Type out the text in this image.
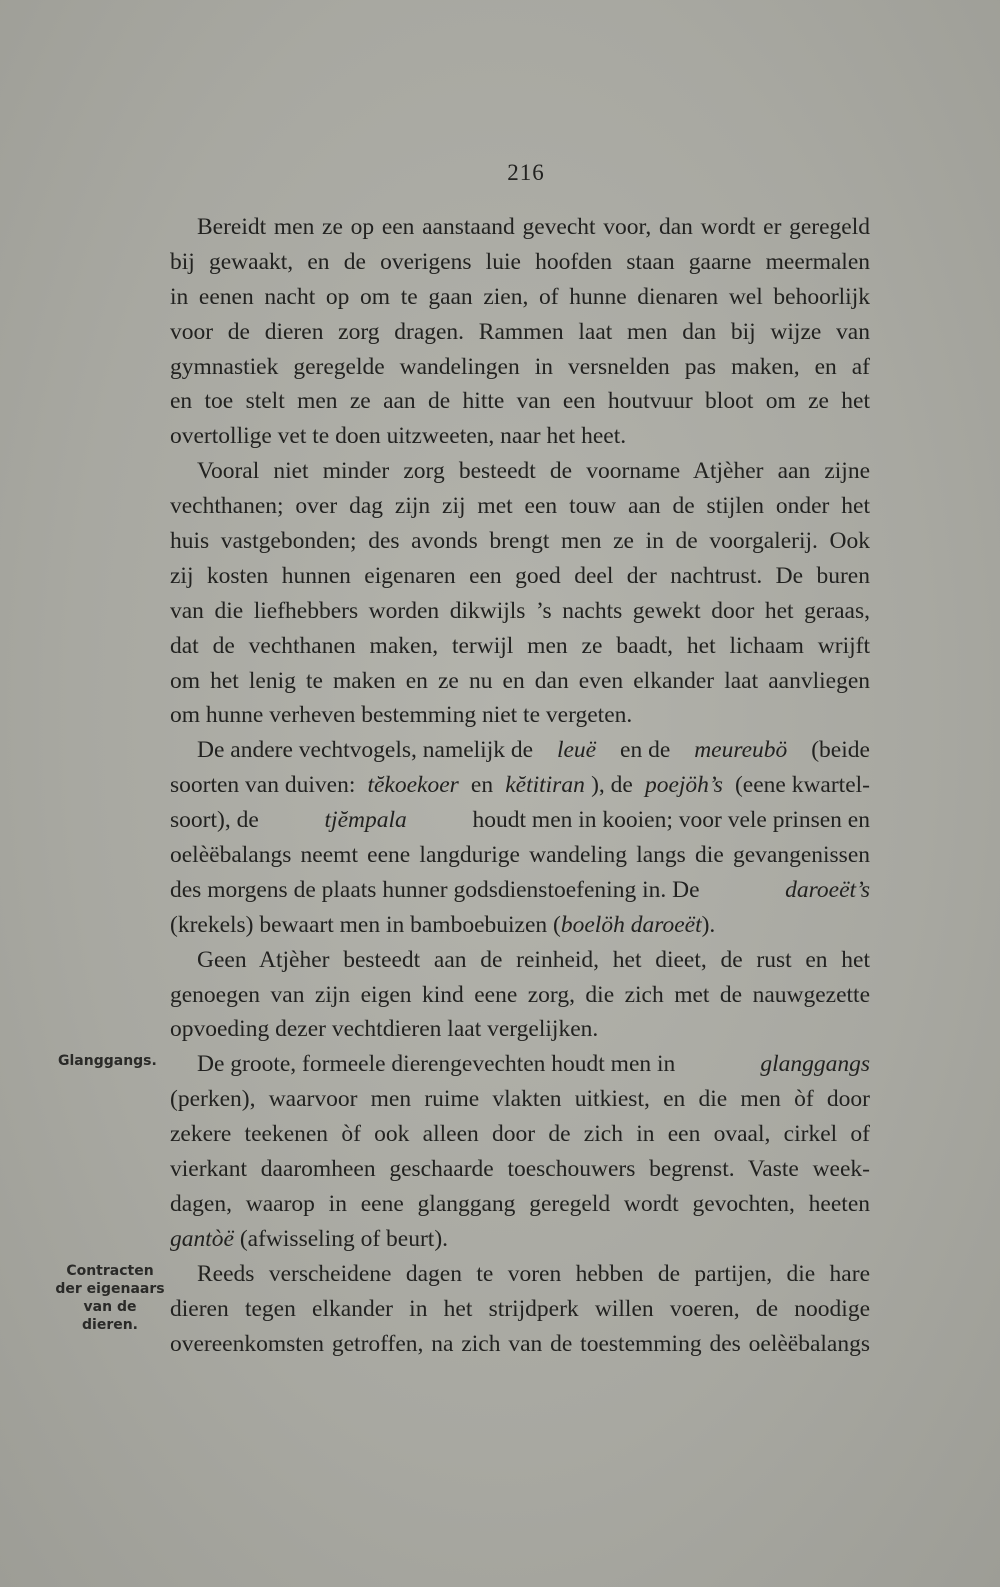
216
Glanggangs.
Contracten
der eigenaars
van de
dieren.
Bereidt men ze op een aanstaand gevecht voor, dan wordt er geregeld
bij gewaakt, en de overigens luie hoofden staan gaarne meermalen
in eenen nacht op om te gaan zien, of hunne dienaren wel behoorlijk
voor de dieren zorg dragen. Rammen laat men dan bij wijze van
gymnastiek geregelde wandelingen in versnelden pas maken, en af
en toe stelt men ze aan de hitte van een houtvuur bloot om ze het
overtollige vet te doen uitzweeten, naar het heet.
Vooral niet minder zorg besteedt de voorname Atjèher aan zijne
vechthanen; over dag zijn zij met een touw aan de stijlen onder het
huis vastgebonden; des avonds brengt men ze in de voorgalerij. Ook
zij kosten hunnen eigenaren een goed deel der nachtrust. De buren
van die liefhebbers worden dikwijls ’s nachts gewekt door het geraas,
dat de vechthanen maken, terwijl men ze baadt, het lichaam wrijft
om het lenig te maken en ze nu en dan even elkander laat aanvliegen
om hunne verheven bestemming niet te vergeten.
De andere vechtvogels, namelijk de leuë en de meureubö (beide
soorten van duiven: tĕkoekoer en kĕtitiran ), de poejöh’s (eene kwartel-
soort), de	tjĕmpala	houdt men in kooien; voor vele prinsen en
oelèëbalangs neemt eene langdurige wandeling langs die gevangenissen
des morgens de plaats hunner godsdienstoefening in. De	daroeët’s
(krekels) bewaart men in bamboebuizen ( boelöh daroeët ).
Geen Atjèher besteedt aan de reinheid, het dieet, de rust en het
genoegen van zijn eigen kind eene zorg, die zich met de nauwgezette
opvoeding dezer vechtdieren laat vergelijken.
De groote, formeele dierengevechten houdt men in	glanggangs
(perken), waarvoor men ruime vlakten uitkiest, en die men òf door
zekere teekenen òf ook alleen door de zich in een ovaal, cirkel of
vierkant daaromheen geschaarde toeschouwers begrenst. Vaste week-
dagen, waarop in eene glanggang geregeld wordt gevochten, heeten
gantòë (afwisseling of beurt).
Reeds verscheidene dagen te voren hebben de partijen, die hare
dieren tegen elkander in het strijdperk willen voeren, de noodige
overeenkomsten getroffen, na zich van de toestemming des oelèëbalangs
